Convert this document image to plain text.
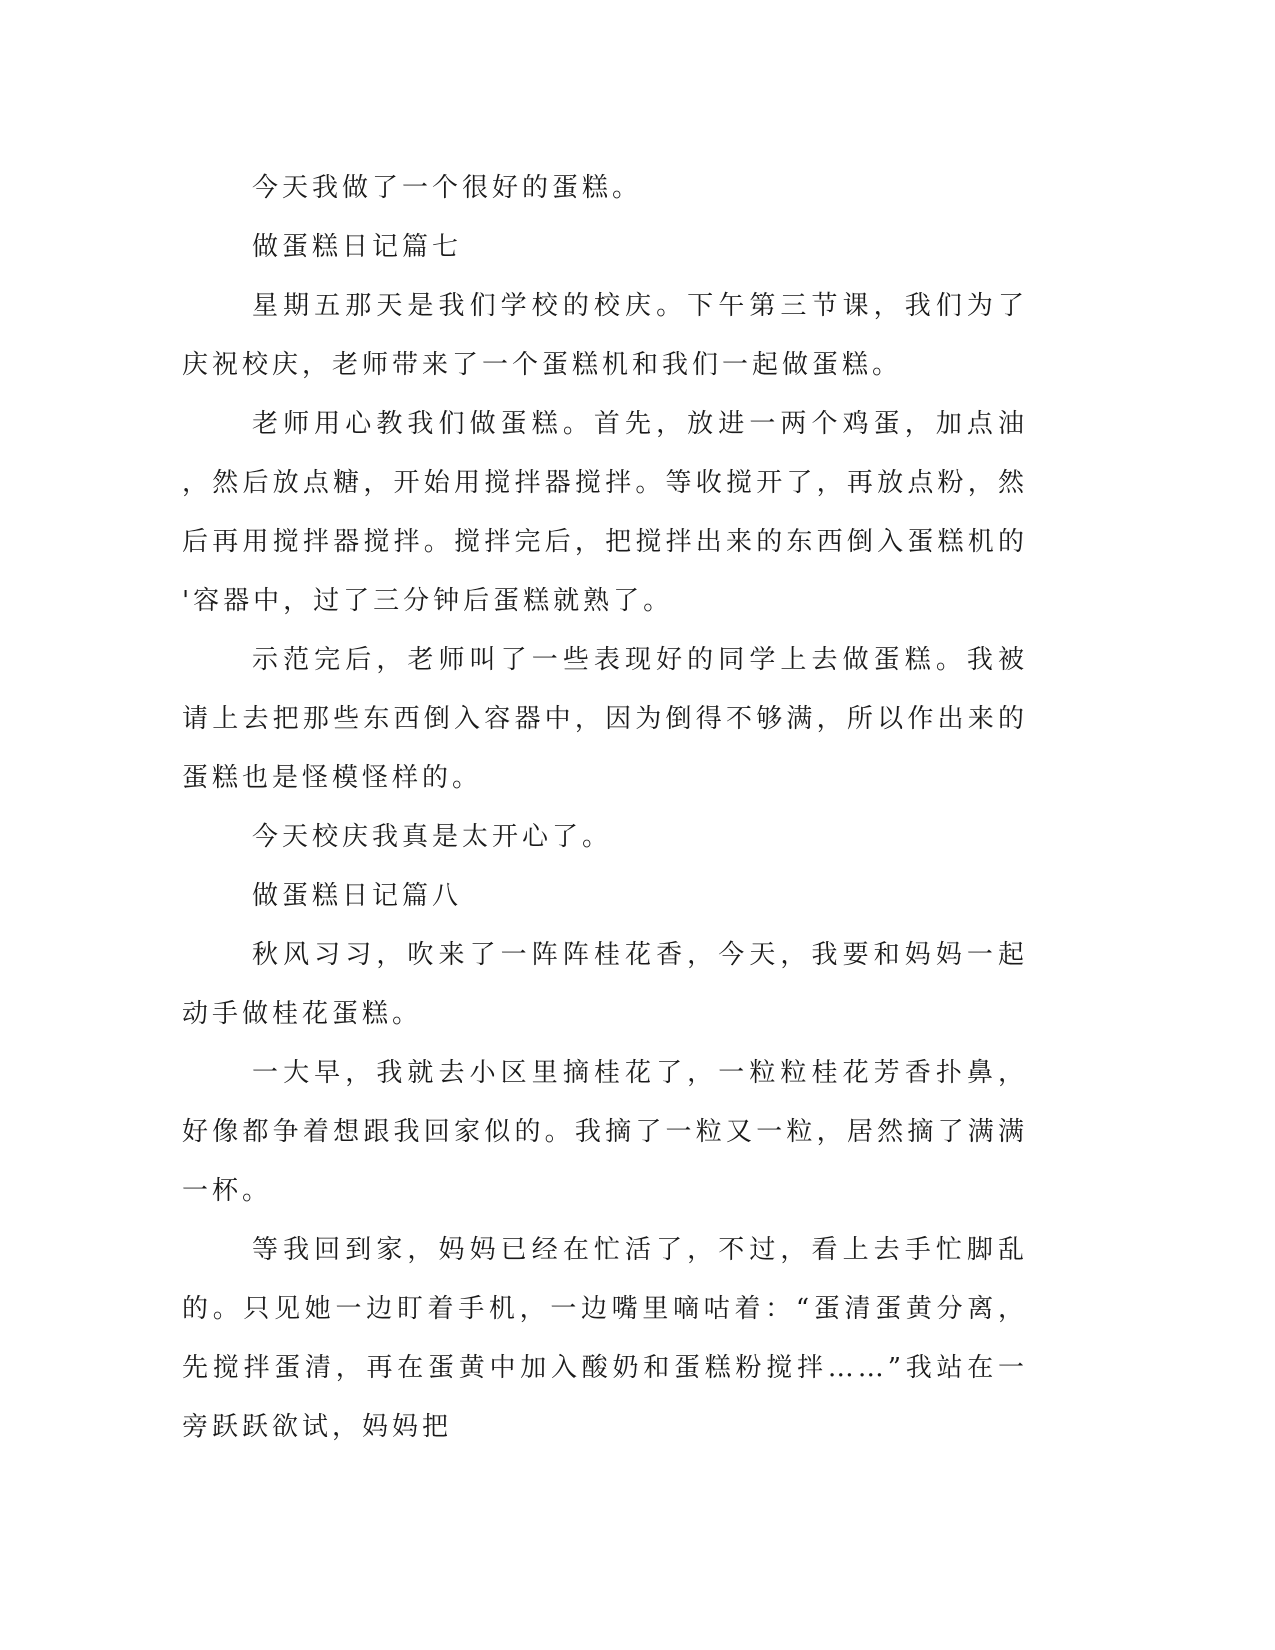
今天我做了一个很好的蛋糕。

做蛋糕日记篇七

星期五那天是我们学校的校庆。下午第三节课，我们为了庆祝校庆，老师带来了一个蛋糕机和我们一起做蛋糕。

老师用心教我们做蛋糕。首先，放进一两个鸡蛋，加点油，然后放点糖，开始用搅拌器搅拌。等收搅开了，再放点粉，然后再用搅拌器搅拌。搅拌完后，把搅拌出来的东西倒入蛋糕机的'容器中，过了三分钟后蛋糕就熟了。

示范完后，老师叫了一些表现好的同学上去做蛋糕。我被请上去把那些东西倒入容器中，因为倒得不够满，所以作出来的蛋糕也是怪模怪样的。

今天校庆我真是太开心了。

做蛋糕日记篇八

秋风习习，吹来了一阵阵桂花香，今天，我要和妈妈一起动手做桂花蛋糕。

一大早，我就去小区里摘桂花了，一粒粒桂花芳香扑鼻，好像都争着想跟我回家似的。我摘了一粒又一粒，居然摘了满满一杯。

等我回到家，妈妈已经在忙活了，不过，看上去手忙脚乱的。只见她一边盯着手机，一边嘴里嘀咕着：“蛋清蛋黄分离，先搅拌蛋清，再在蛋黄中加入酸奶和蛋糕粉搅拌……”我站在一旁跃跃欲试，妈妈把
